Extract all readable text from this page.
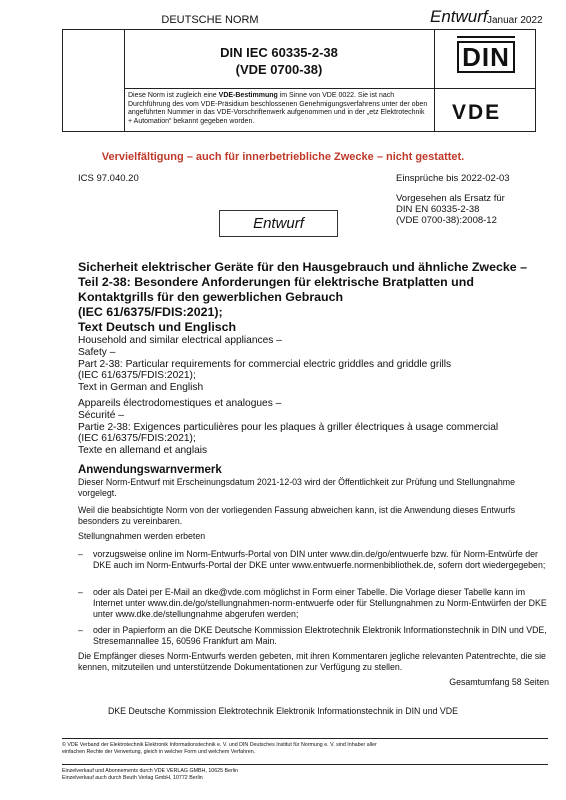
DEUTSCHE NORM	Entwurf Januar 2022
DIN IEC 60335-2-38
(VDE 0700-38)	DIN
Diese Norm ist zugleich eine VDE-Bestimmung im Sinne von VDE 0022. Sie ist nach Durchführung des vom VDE-Präsidium beschlossenen Genehmigungsverfahrens unter der oben angeführten Nummer in das VDE-Vorschriftenwerk aufgenommen und in der „etz Elektrotechnik + Automation“ bekannt gegeben worden.	VDE
Vervielfältigung – auch für innerbetriebliche Zwecke – nicht gestattet.
ICS 97.040.20	Einsprüche bis 2022-02-03
Vorgesehen als Ersatz für
DIN EN 60335-2-38
(VDE 0700-38):2008-12
Entwurf
Sicherheit elektrischer Geräte für den Hausgebrauch und ähnliche Zwecke –
Teil 2-38: Besondere Anforderungen für elektrische Bratplatten und
Kontaktgrills für den gewerblichen Gebrauch
(IEC 61/6375/FDIS:2021);
Text Deutsch und Englisch
Household and similar electrical appliances –
Safety –
Part 2-38: Particular requirements for commercial electric griddles and griddle grills
(IEC 61/6375/FDIS:2021);
Text in German and English
Appareils électrodomestiques et analogues –
Sécurité –
Partie 2-38: Exigences particulières pour les plaques à griller électriques à usage commercial
(IEC 61/6375/FDIS:2021);
Texte en allemand et anglais
Anwendungswarnvermerk
Dieser Norm-Entwurf mit Erscheinungsdatum 2021-12-03 wird der Öffentlichkeit zur Prüfung und Stellungnahme vorgelegt.
Weil die beabsichtigte Norm von der vorliegenden Fassung abweichen kann, ist die Anwendung dieses Entwurfs besonders zu vereinbaren.
Stellungnahmen werden erbeten
– vorzugsweise online im Norm-Entwurfs-Portal von DIN unter www.din.de/go/entwuerfe bzw. für Norm-Entwürfe der DKE auch im Norm-Entwurfs-Portal der DKE unter www.entwuerfe.normenbibliothek.de, sofern dort wiedergegeben;
– oder als Datei per E-Mail an dke@vde.com möglichst in Form einer Tabelle. Die Vorlage dieser Tabelle kann im Internet unter www.din.de/go/stellungnahmen-norm-entwuerfe oder für Stellungnahmen zu Norm-Entwürfen der DKE unter www.dke.de/stellungnahme abgerufen werden;
– oder in Papierform an die DKE Deutsche Kommission Elektrotechnik Elektronik Informationstechnik in DIN und VDE, Stresemannallee 15, 60596 Frankfurt am Main.
Die Empfänger dieses Norm-Entwurfs werden gebeten, mit ihren Kommentaren jegliche relevanten Patentrechte, die sie kennen, mitzuteilen und unterstützende Dokumentationen zur Verfügung zu stellen.
Gesamtumfang 58 Seiten
DKE Deutsche Kommission Elektrotechnik Elektronik Informationstechnik in DIN und VDE
© VDE Verband der Elektrotechnik Elektronik Informationstechnik e. V. und DIN Deutsches Institut für Normung e. V. sind Inhaber aller
einfachen Rechte der Verwertung, gleich in welcher Form und welchem Verfahren.
Einzelverkauf und Abonnements durch VDE VERLAG GMBH, 10625 Berlin
Einzelverkauf auch durch Beuth Verlag GmbH, 10772 Berlin
